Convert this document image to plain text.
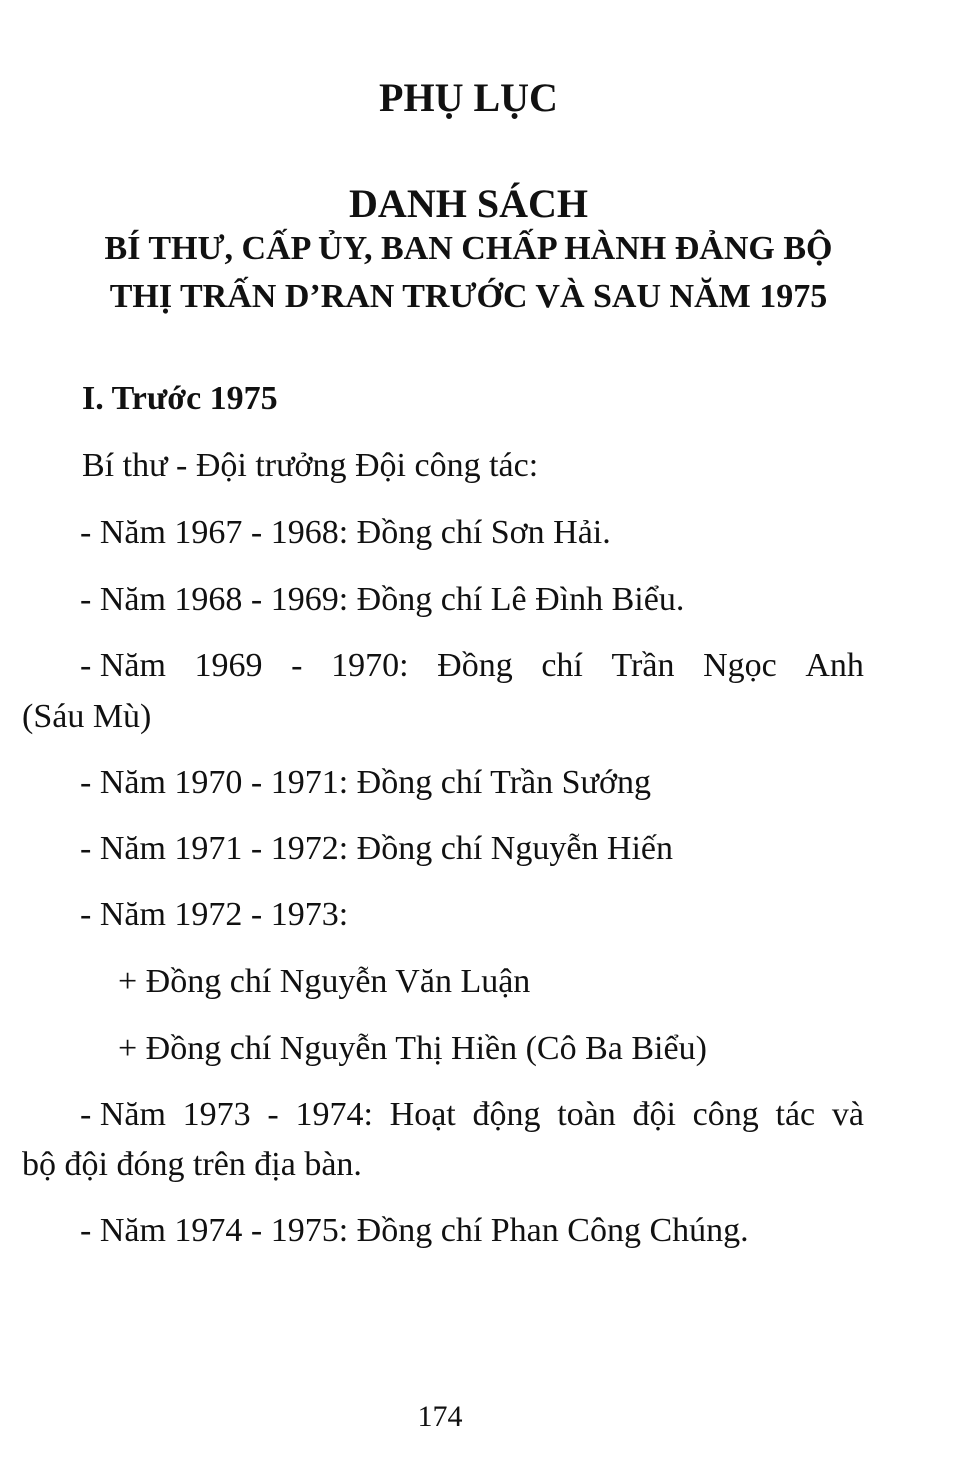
PHỤ LỤC
DANH SÁCH
BÍ THƯ, CẤP ỦY, BAN CHẤP HÀNH ĐẢNG BỘ
THỊ TRẤN D’RAN TRƯỚC VÀ SAU NĂM 1975
I. Trước 1975
Bí thư - Đội trưởng Đội công tác:
- Năm 1967 - 1968: Đồng chí Sơn Hải.
- Năm 1968 - 1969: Đồng chí Lê Đình Biểu.
- Năm 1969 - 1970: Đồng chí Trần Ngọc Anh
(Sáu Mù)
- Năm 1970 - 1971: Đồng chí Trần Sướng
- Năm 1971 - 1972: Đồng chí Nguyễn Hiến
- Năm 1972 - 1973:
+ Đồng chí Nguyễn Văn Luận
+ Đồng chí Nguyễn Thị Hiền (Cô Ba Biểu)
- Năm 1973 - 1974: Hoạt động toàn đội công tác và
bộ đội đóng trên địa bàn.
- Năm 1974 - 1975: Đồng chí Phan Công Chúng.
174
